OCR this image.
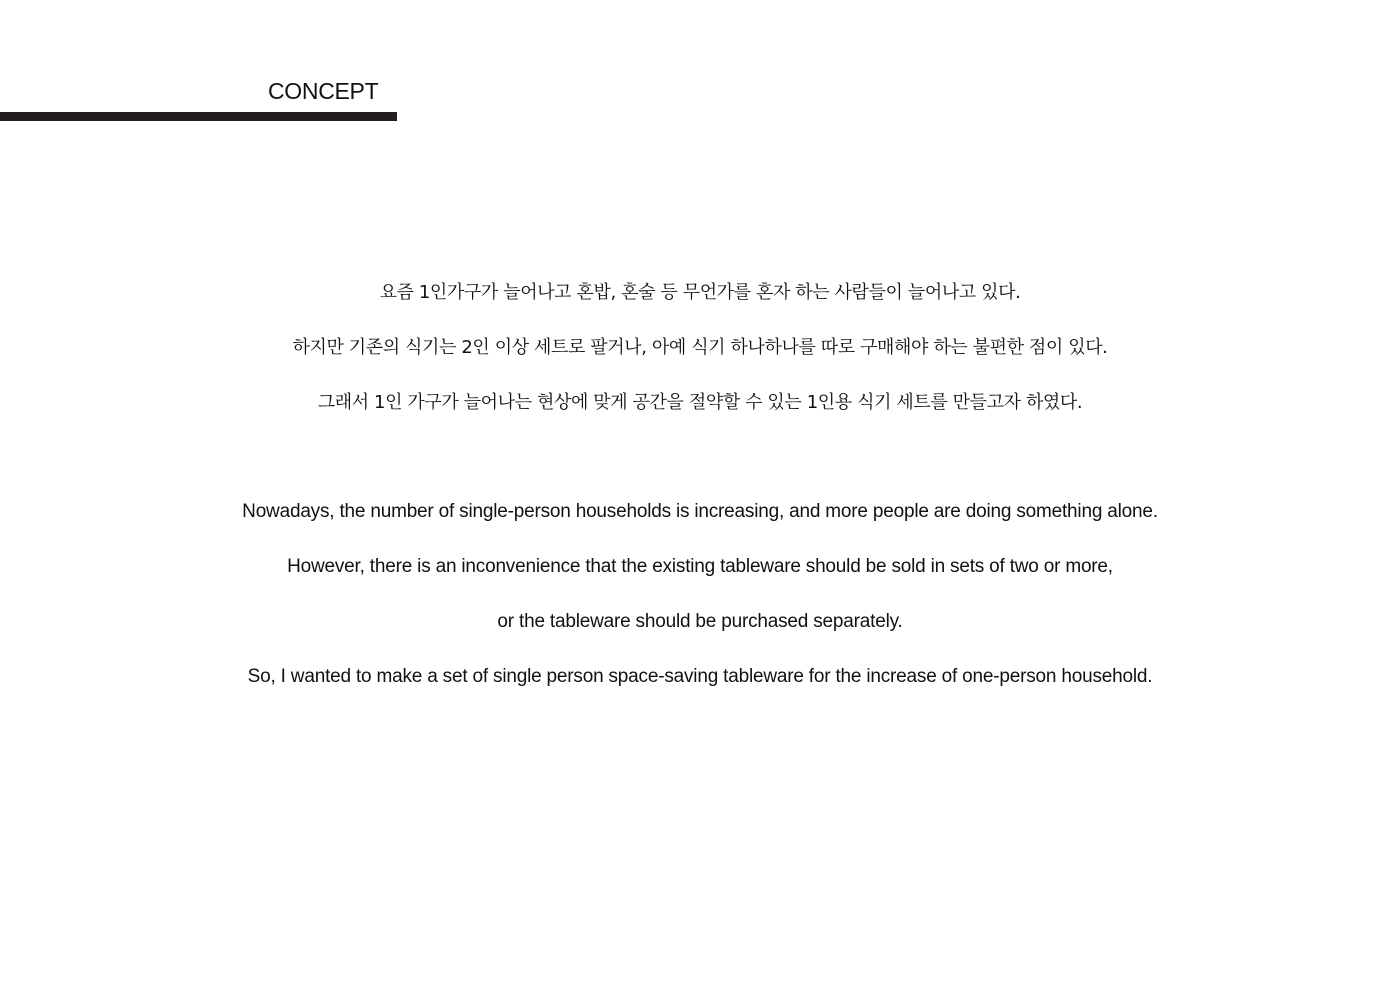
CONCEPT

요즘 1인가구가 늘어나고 혼밥, 혼술 등 무언가를 혼자 하는 사람들이 늘어나고 있다.

하지만 기존의 식기는 2인 이상 세트로 팔거나, 아예 식기 하나하나를 따로 구매해야 하는 불편한 점이 있다.

그래서 1인 가구가 늘어나는 현상에 맞게 공간을 절약할 수 있는 1인용 식기 세트를 만들고자 하였다.

Nowadays, the number of single-person households is increasing, and more people are doing something alone.

However, there is an inconvenience that the existing tableware should be sold in sets of two or more,

or the tableware should be purchased separately.

So, I wanted to make a set of single person space-saving tableware for the increase of one-person household.
